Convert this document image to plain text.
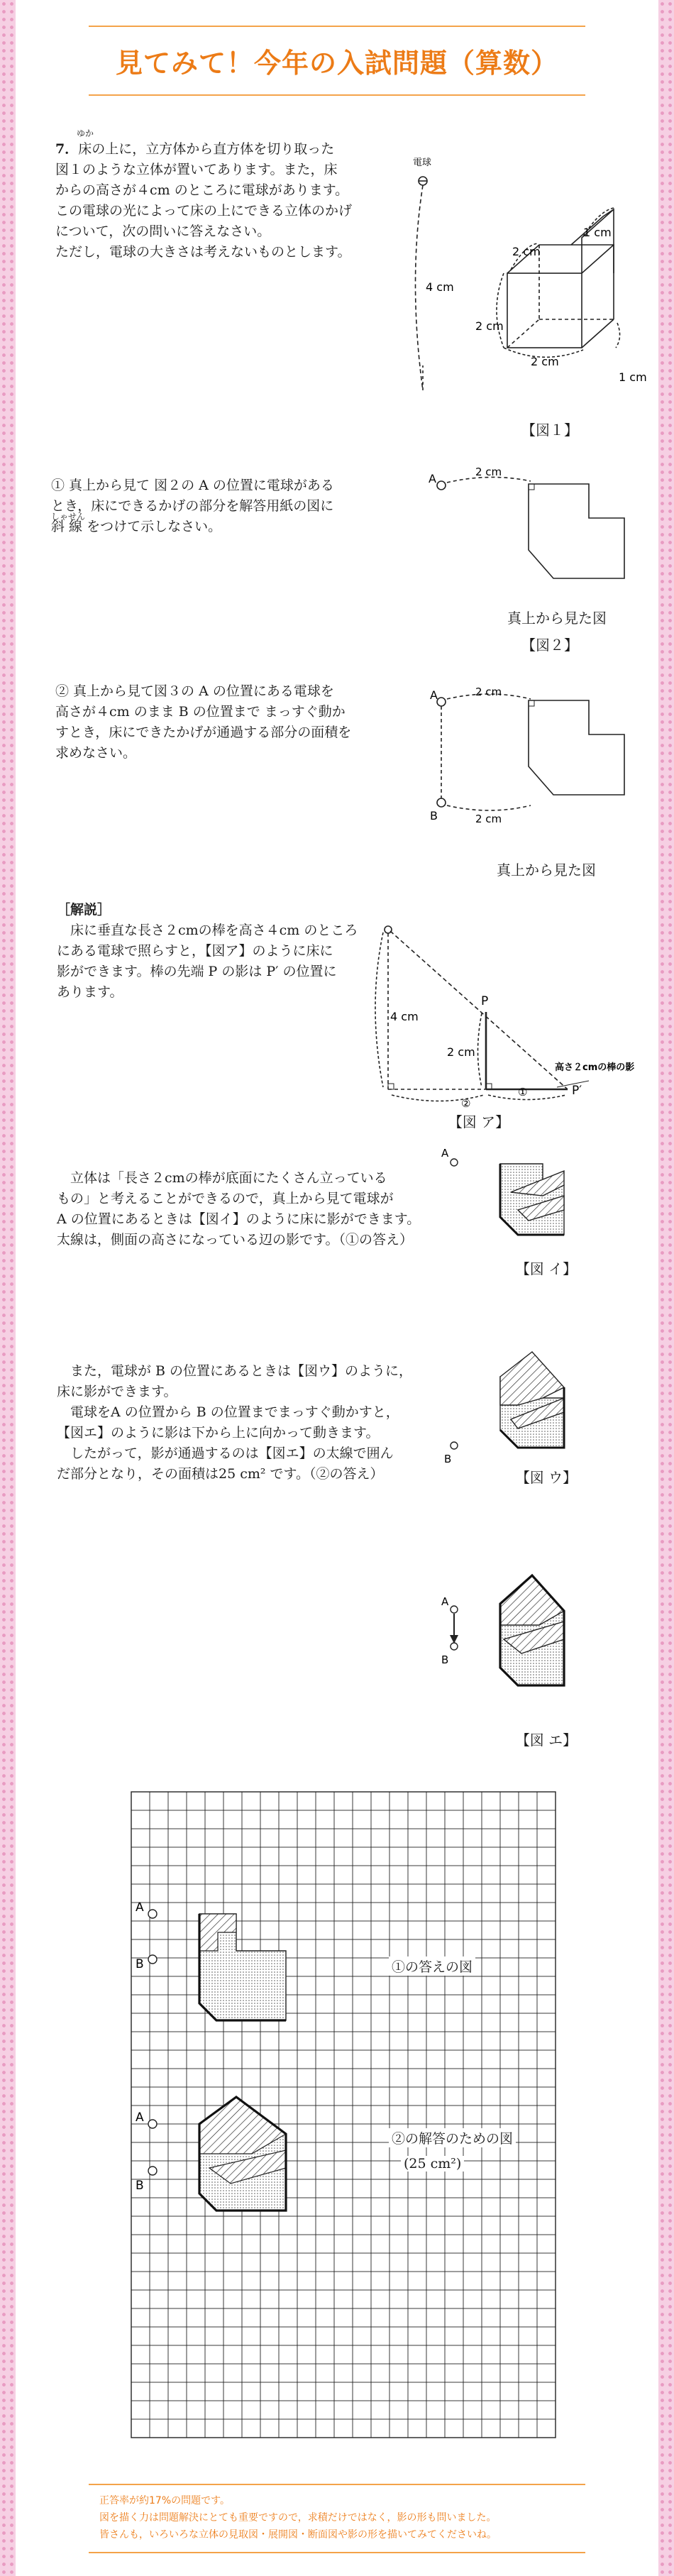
見てみて！今年の入試問題（算数）
ゆか

7．床の上に，立方体から直方体を切り取った

図１のような立体が置いてあります。また，床

からの高さが４cm のところに電球があります。

この電球の光によって床の上にできる立体のかげ

について，次の問いに答えなさい。

ただし，電球の大きさは考えないものとします。

電球
4 cm
2 cm
1 cm
2 cm
2 cm
1 cm
【図１】
しゃせん

① 真上から見て 図２の A の位置に電球がある

とき，床にできるかげの部分を解答用紙の図に

斜 線 をつけて示しなさい。

A	2 cm
真上から見た図
【図２】

② 真上から見て図３の A の位置にある電球を

高さが４cm のまま B の位置まで まっすぐ動か

すとき，床にできたかげが通過する部分の面積を

求めなさい。

A
B
2 cm
2 cm
真上から見た図

［解説］

床に垂直な長さ２cmの棒を高さ４cm のところ

にある電球で照らすと，【図ア】のように床に

影ができます。棒の先端 P の影は P′ の位置に

あります。

4 cm
2 cm
P
P′
②
①
高さ２cmの棒の影
【図 ア】

立体は「長さ２cmの棒が底面にたくさん立っている

もの」と考えることができるので，真上から見て電球が

A の位置にあるときは【図イ】のように床に影ができます。

太線は，側面の高さになっている辺の影です。（①の答え）

A
【図 イ】

また，電球が B の位置にあるときは【図ウ】のように，

床に影ができます。

電球をA の位置から B の位置までまっすぐ動かすと，

【図エ】のように影は下から上に向かって動きます。

したがって，影が通過するのは【図エ】の太線で囲ん

だ部分となり，その面積は25 cm² です。（②の答え）

B
【図 ウ】
A
B
【図 エ】
A
B
A
B
①の答えの図
②の解答のための図
(25 cm²)

正答率が約17%の問題です。

図を描く力は問題解決にとても重要ですので，求積だけではなく，影の形も問いました。

皆さんも，いろいろな立体の見取図・展開図・断面図や影の形を描いてみてくださいね。
